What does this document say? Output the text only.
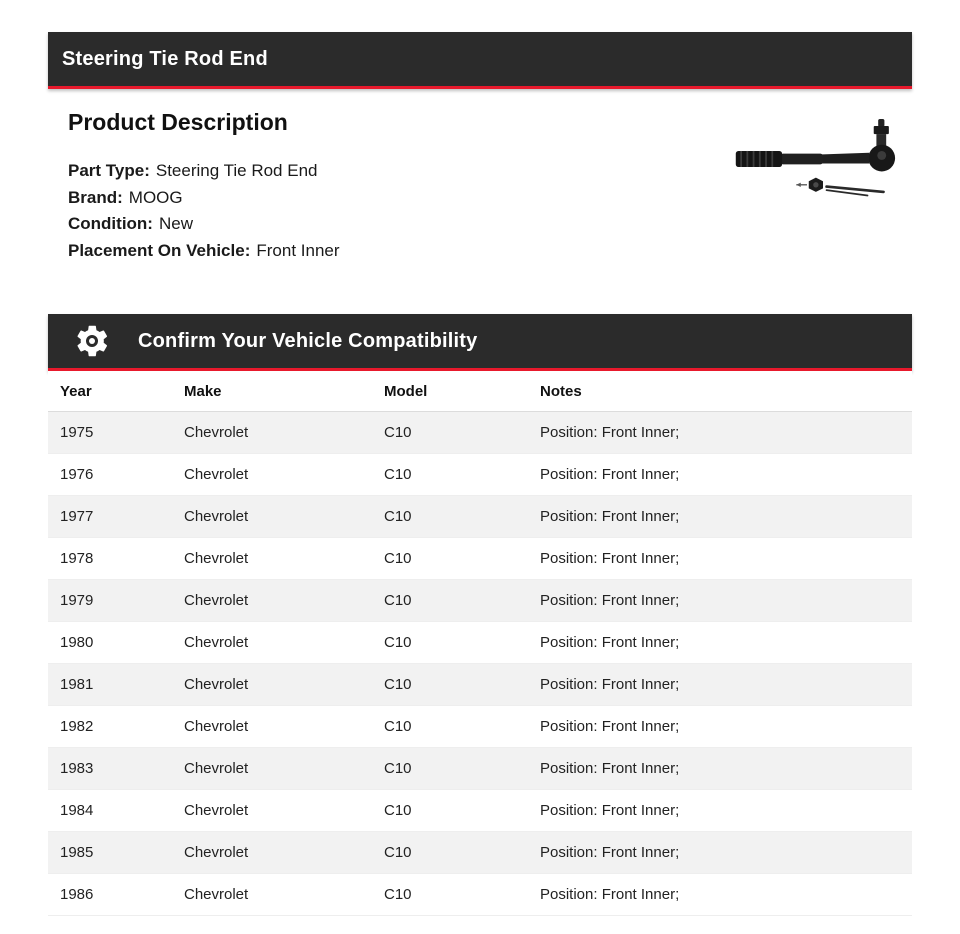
Steering Tie Rod End
Product Description
Part Type: Steering Tie Rod End
Brand: MOOG
Condition: New
Placement On Vehicle: Front Inner
Confirm Your Vehicle Compatibility
Year	Make	Model	Notes
1975	Chevrolet	C10	Position: Front Inner;
1976	Chevrolet	C10	Position: Front Inner;
1977	Chevrolet	C10	Position: Front Inner;
1978	Chevrolet	C10	Position: Front Inner;
1979	Chevrolet	C10	Position: Front Inner;
1980	Chevrolet	C10	Position: Front Inner;
1981	Chevrolet	C10	Position: Front Inner;
1982	Chevrolet	C10	Position: Front Inner;
1983	Chevrolet	C10	Position: Front Inner;
1984	Chevrolet	C10	Position: Front Inner;
1985	Chevrolet	C10	Position: Front Inner;
1986	Chevrolet	C10	Position: Front Inner;
